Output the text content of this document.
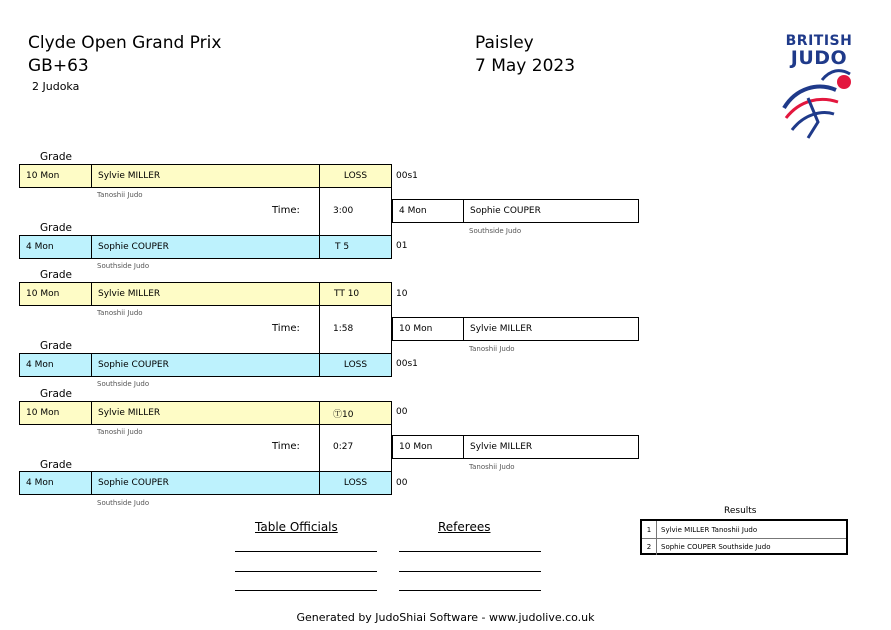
Clyde Open Grand Prix
GB+63
2 Judoka
Paisley
7 May 2023
BRITISH
JUDO
Grade
10 Mon	Sylvie MILLER	LOSS	00s1
Tanoshii Judo
Time:	3:00
Grade
4 Mon	Sophie COUPER	T 5	01
Southside Judo
4 Mon	Sophie COUPER
Southside Judo
Grade
10 Mon	Sylvie MILLER	TT 10	10
Tanoshii Judo
Time:	1:58
Grade
4 Mon	Sophie COUPER	LOSS	00s1
Southside Judo
10 Mon	Sylvie MILLER
Tanoshii Judo
Grade
10 Mon	Sylvie MILLER	Ⓣ10	00
Tanoshii Judo
Time:	0:27
Grade
4 Mon	Sophie COUPER	LOSS	00
Southside Judo
10 Mon	Sylvie MILLER
Tanoshii Judo
Table Officials	Referees
Results
1	Sylvie MILLER Tanoshii Judo
2	Sophie COUPER Southside Judo
Generated by JudoShiai Software - www.judolive.co.uk
